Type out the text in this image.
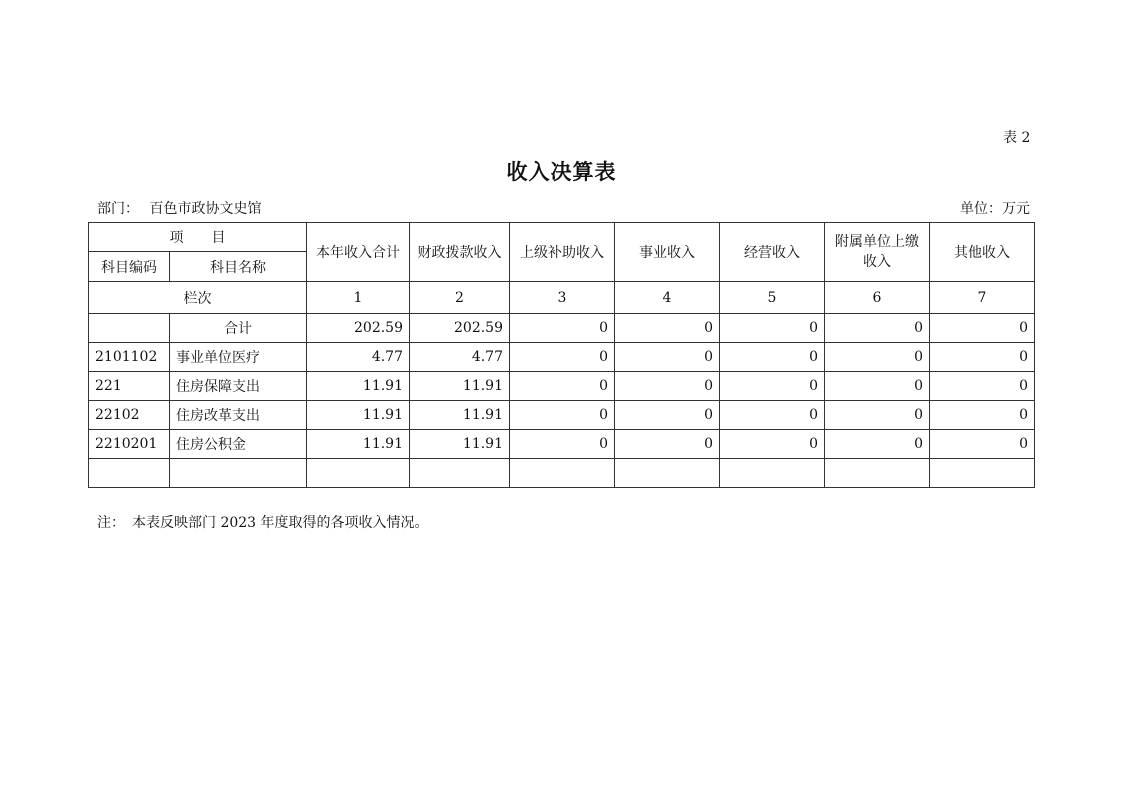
表 2
收入决算表
部门： 百色市政协文史馆	单位：万元
项　　目		本年收入合计	财政拨款收入	上级补助收入	事业收入	经营收入	附属单位上缴收入	其他收入
科目编码	科目名称							
栏次		1	2	3	4	5	6	7
	合计	202.59	202.59	0	0	0	0	0
2101102	事业单位医疗	4.77	4.77	0	0	0	0	0
221	住房保障支出	11.91	11.91	0	0	0	0	0
22102	住房改革支出	11.91	11.91	0	0	0	0	0
2210201	住房公积金	11.91	11.91	0	0	0	0	0

注：　本表反映部门 2023 年度取得的各项收入情况。
